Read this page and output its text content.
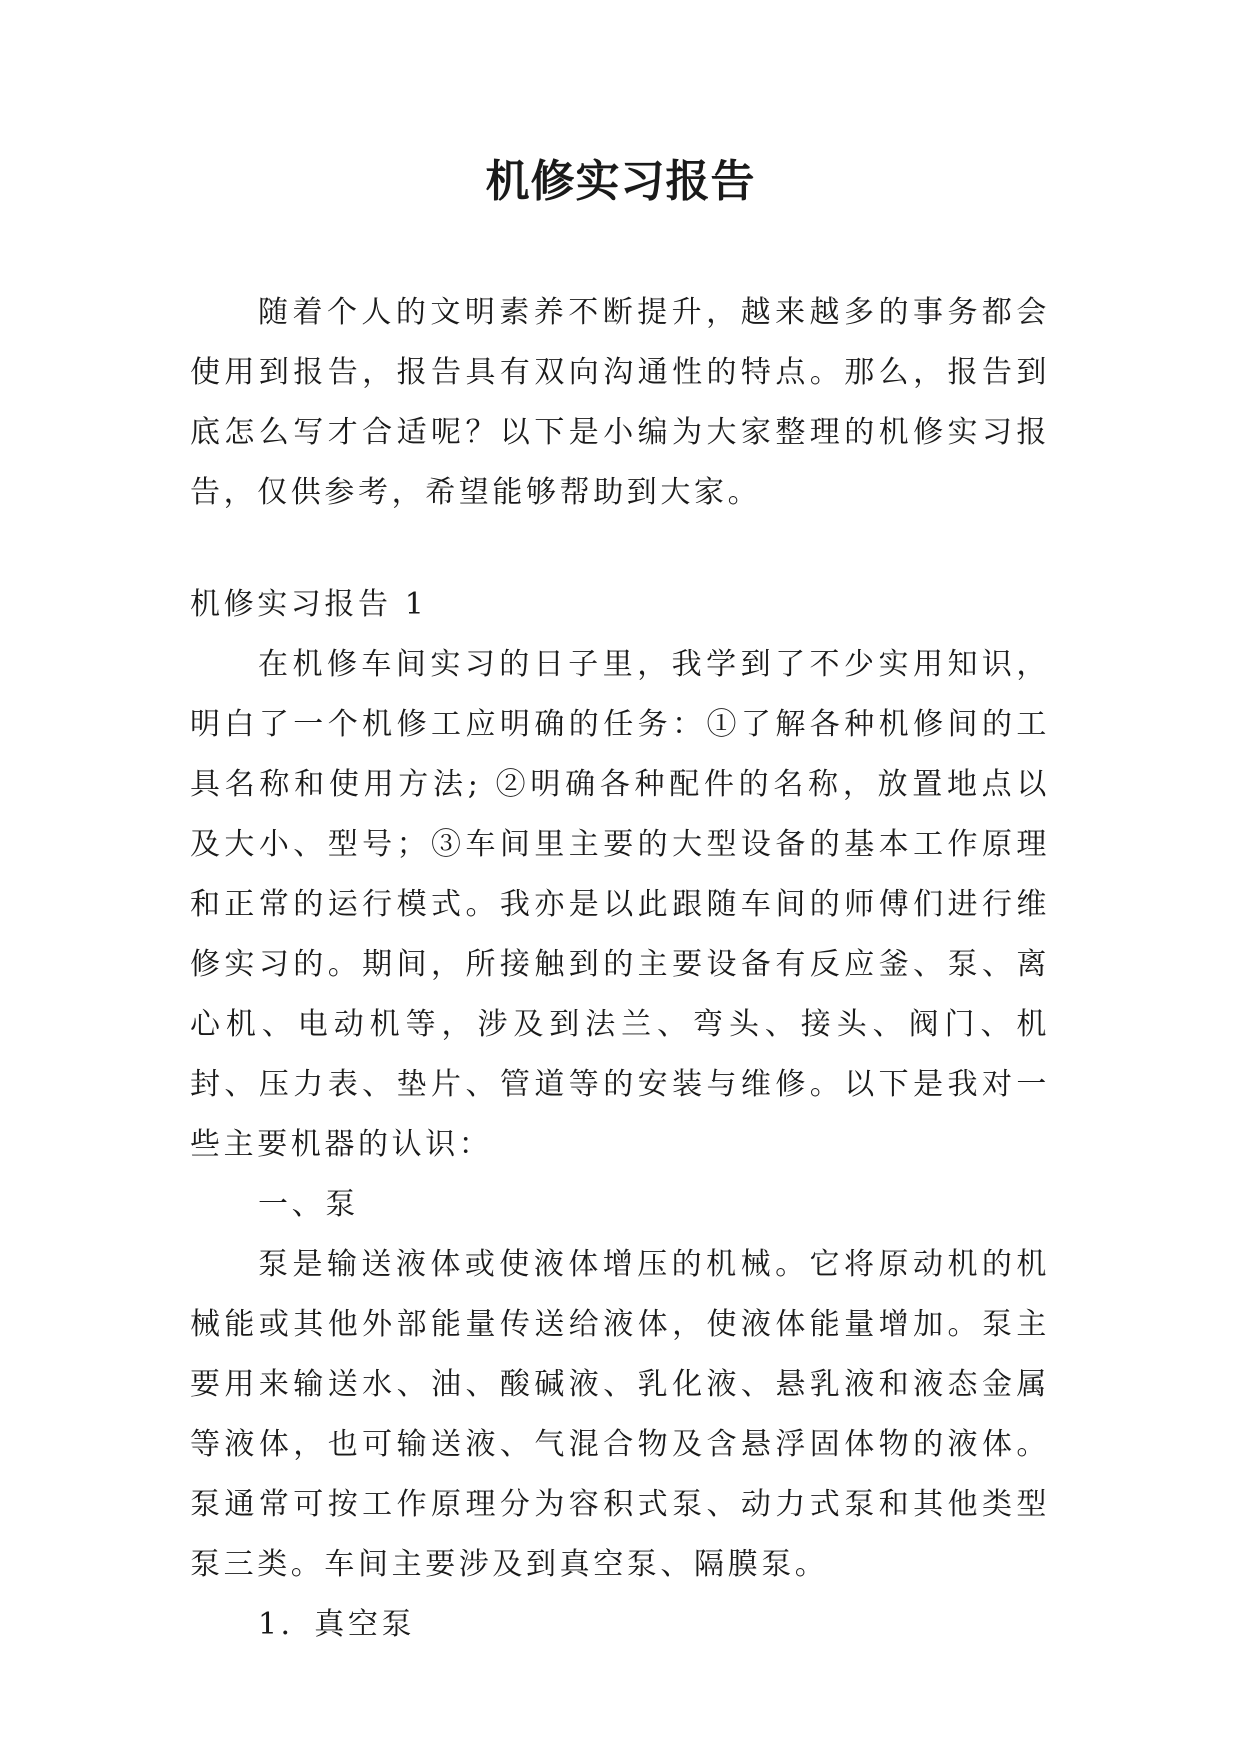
机修实习报告

随着个人的文明素养不断提升，越来越多的事务都会使用到报告，报告具有双向沟通性的特点。那么，报告到底怎么写才合适呢？以下是小编为大家整理的机修实习报告，仅供参考，希望能够帮助到大家。

机修实习报告 1

在机修车间实习的日子里，我学到了不少实用知识，明白了一个机修工应明确的任务：①了解各种机修间的工具名称和使用方法; ②明确各种配件的名称，放置地点以及大小、型号；③车间里主要的大型设备的基本工作原理和正常的运行模式。我亦是以此跟随车间的师傅们进行维修实习的。期间，所接触到的主要设备有反应釜、泵、离心机、电动机等，涉及到法兰、弯头、接头、阀门、机封、压力表、垫片、管道等的安装与维修。以下是我对一些主要机器的认识：

一、泵

泵是输送液体或使液体增压的机械。它将原动机的机械能或其他外部能量传送给液体，使液体能量增加。泵主要用来输送水、油、酸碱液、乳化液、悬乳液和液态金属等液体，也可输送液、气混合物及含悬浮固体物的液体。泵通常可按工作原理分为容积式泵、动力式泵和其他类型泵三类。车间主要涉及到真空泵、隔膜泵。

1．真空泵
